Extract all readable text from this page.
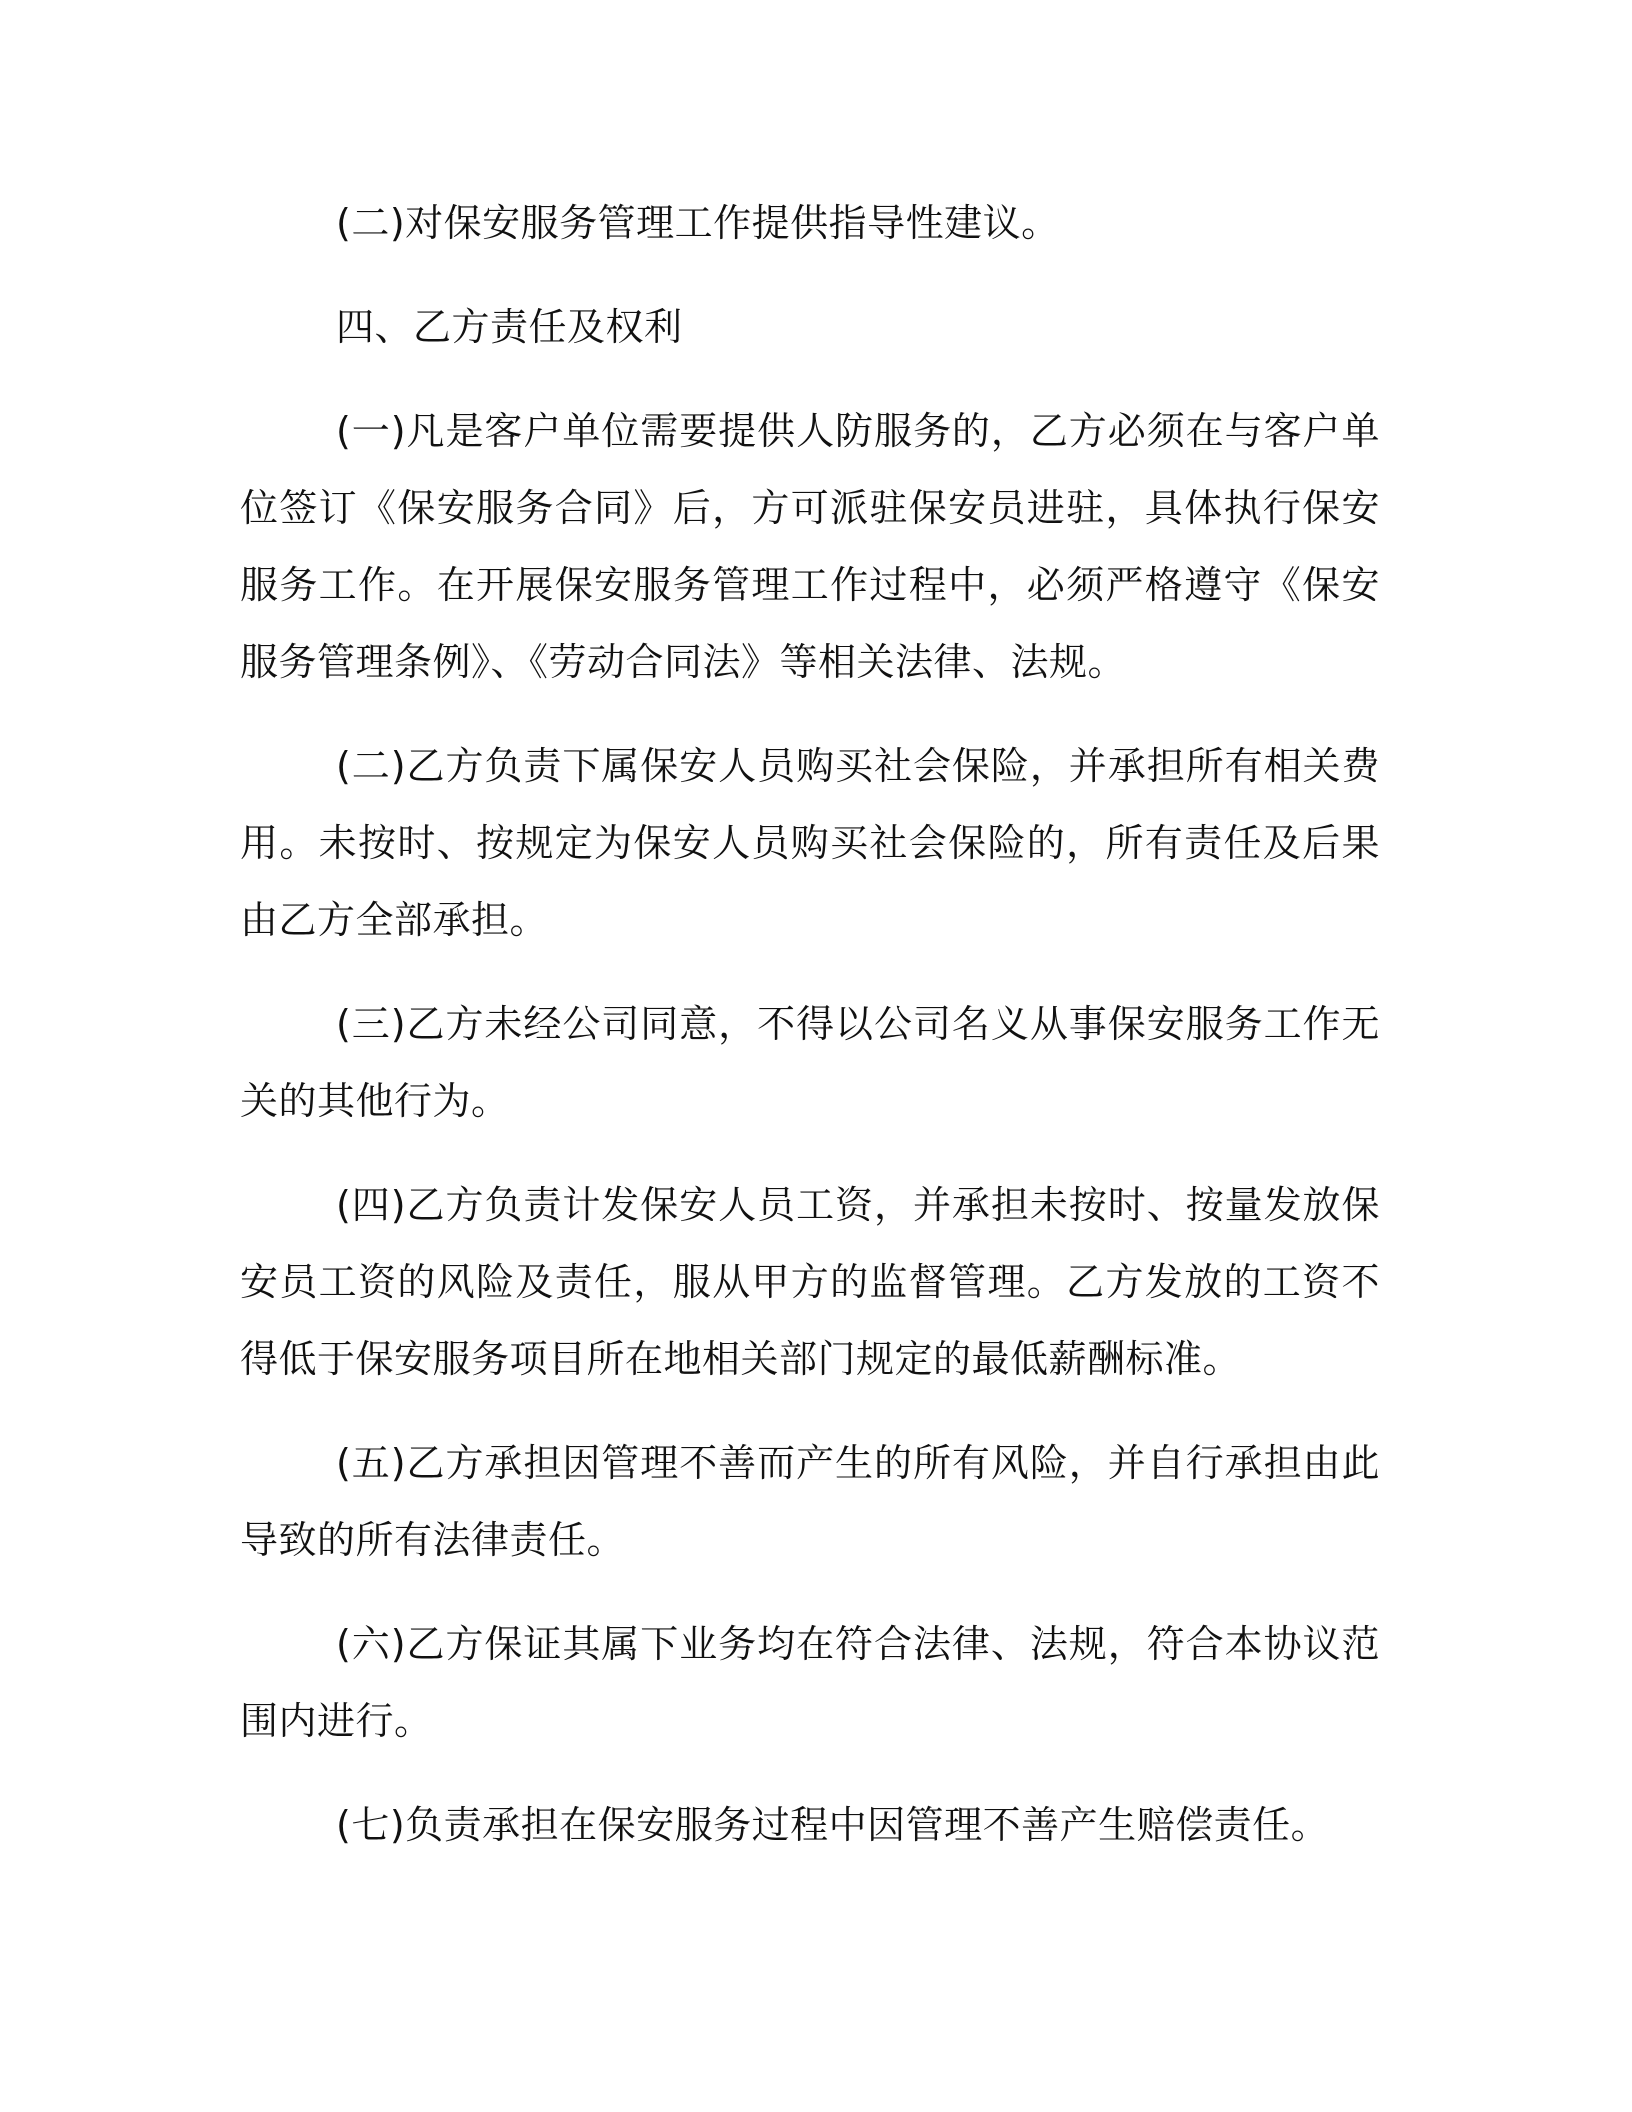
(二)对保安服务管理工作提供指导性建议。

四、乙方责任及权利

(一)凡是客户单位需要提供人防服务的，乙方必须在与客户单位签订《保安服务合同》后，方可派驻保安员进驻，具体执行保安服务工作。在开展保安服务管理工作过程中，必须严格遵守《保安服务管理条例》、《劳动合同法》等相关法律、法规。

(二)乙方负责下属保安人员购买社会保险，并承担所有相关费用。未按时、按规定为保安人员购买社会保险的，所有责任及后果由乙方全部承担。

(三)乙方未经公司同意，不得以公司名义从事保安服务工作无关的其他行为。

(四)乙方负责计发保安人员工资，并承担未按时、按量发放保安员工资的风险及责任，服从甲方的监督管理。乙方发放的工资不得低于保安服务项目所在地相关部门规定的最低薪酬标准。

(五)乙方承担因管理不善而产生的所有风险，并自行承担由此导致的所有法律责任。

(六)乙方保证其属下业务均在符合法律、法规，符合本协议范围内进行。

(七)负责承担在保安服务过程中因管理不善产生赔偿责任。
